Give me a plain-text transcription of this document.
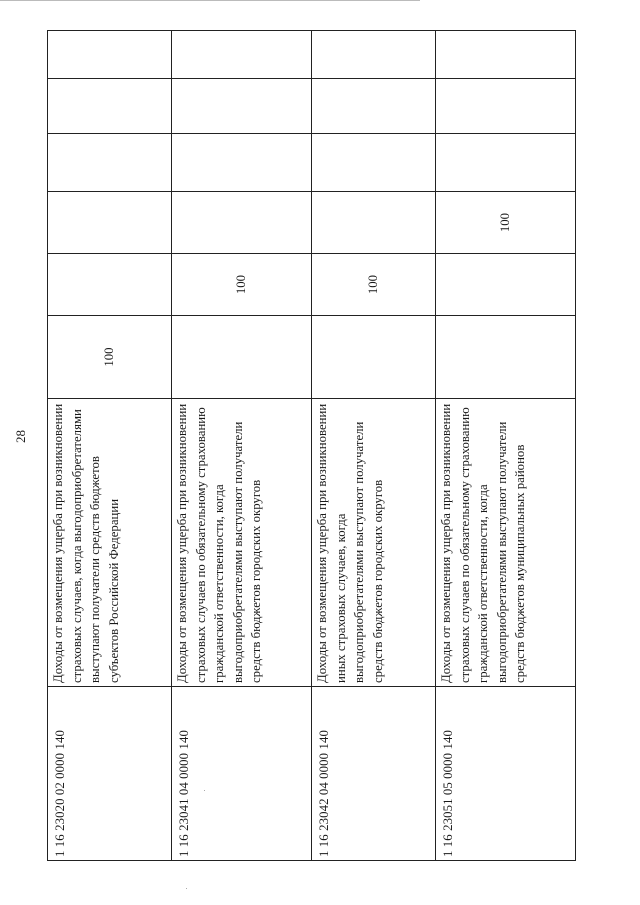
28
1 16 23020 02 0000 140	Доходы от возмещения ущерба при возникновении страховых случаев, когда выгодоприобретателями выступают получатели средств бюджетов субъектов Российской Федерации	100					
1 16 23041 04 0000 140	Доходы от возмещения ущерба при возникновении страховых случаев по обязательному страхованию гражданской ответственности, когда выгодоприобретателями выступают получатели средств бюджетов городских округов		100				
1 16 23042 04 0000 140	Доходы от возмещения ущерба при возникновении иных страховых случаев, когда выгодоприобретателями выступают получатели средств бюджетов городских округов		100				
1 16 23051 05 0000 140	Доходы от возмещения ущерба при возникновении страховых случаев по обязательному страхованию гражданской ответственности, когда выгодоприобретателями выступают получатели средств бюджетов муниципальных районов			100			
